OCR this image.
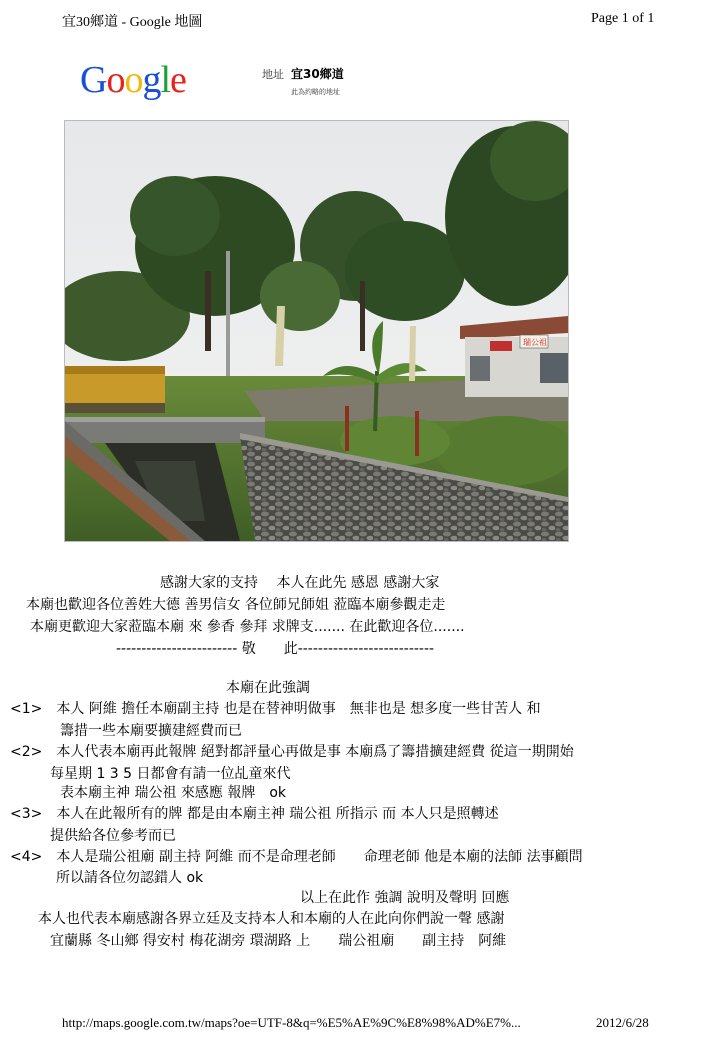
宜30鄉道 - Google 地圖	Page 1 of 1
Google	地址 宜30鄉道
此為約略的地址
瑞公祖
感謝大家的支持　 本人在此先 感恩 感謝大家
本廟也歡迎各位善姓大德 善男信女 各位師兄師姐 蒞臨本廟參觀走走
本廟更歡迎大家蒞臨本廟 來 參香 參拜 求牌支....... 在此歡迎各位.......
------------------------ 敬　　此---------------------------
本廟在此強調
<1>　本人 阿維 擔任本廟副主持 也是在替神明做事　無非也是 想多度一些甘苦人 和
籌措一些本廟要擴建經費而已
<2>　本人代表本廟再此報牌 絕對都評量心再做是事 本廟爲了籌措擴建經費 從這一期開始
每星期 1 3 5 日都會有請一位乩童來代
表本廟主神 瑞公祖 來感應 報牌　ok
<3>　本人在此報所有的牌 都是由本廟主神 瑞公祖 所指示 而 本人只是照轉述
提供給各位參考而已
<4>　本人是瑞公祖廟 副主持 阿維 而不是命理老師　　命理老師 他是本廟的法師 法事顧問
所以請各位勿認錯人 ok
以上在此作 強調 說明及聲明 回應
本人也代表本廟感謝各界立廷及支持本人和本廟的人在此向你們說一聲 感謝
宜蘭縣 冬山鄉 得安村 梅花湖旁 環湖路 上　　瑞公祖廟　　副主持　阿維
http://maps.google.com.tw/maps?oe=UTF-8&q=%E5%AE%9C%E8%98%AD%E7%...	2012/6/28
